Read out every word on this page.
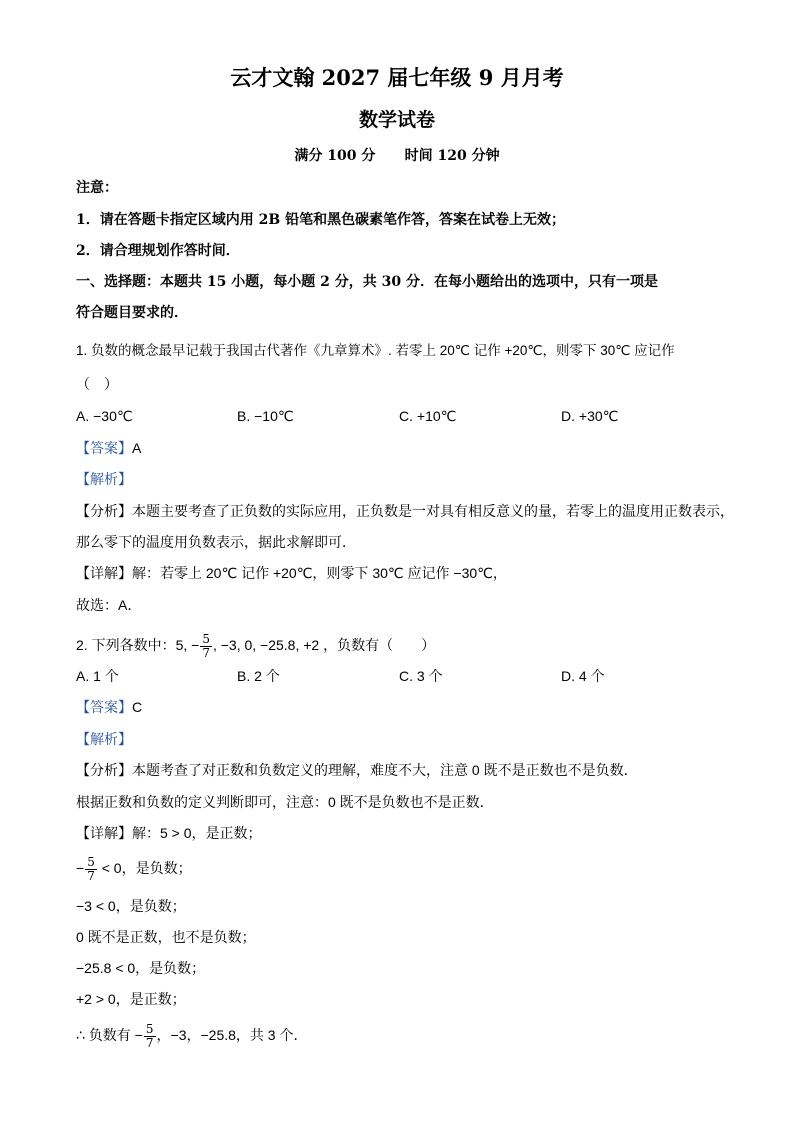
云才文翰 2027 届七年级 9 月月考
数学试卷
满分 100 分      时间 120 分钟
注意：
1．请在答题卡指定区域内用 2B 铅笔和黑色碳素笔作答，答案在试卷上无效；
2．请合理规划作答时间．
一、选择题：本题共 15 小题，每小题 2 分，共 30 分．在每小题给出的选项中，只有一项是
符合题目要求的．
1. 负数的概念最早记载于我国古代著作《九章算术》. 若零上 20℃ 记作 +20℃，则零下 30℃ 应记作
（　）
A. −30℃	B. −10℃	C. +10℃	D. +30℃
【答案】A
【解析】
【分析】本题主要考查了正负数的实际应用，正负数是一对具有相反意义的量，若零上的温度用正数表示，
那么零下的温度用负数表示，据此求解即可．
【详解】解：若零上 20℃ 记作 +20℃，则零下 30℃ 应记作 −30℃，
故选：A．
2. 下列各数中：5, − $\frac{5}{7}$ , −3, 0, −25.8, +2 ，负数有（　　）
A. 1 个	B. 2 个	C. 3 个	D. 4 个
【答案】C
【解析】
【分析】本题考查了对正数和负数定义的理解，难度不大，注意 0 既不是正数也不是负数．
根据正数和负数的定义判断即可，注意：0 既不是负数也不是正数．
【详解】解：5 > 0，是正数；
− $\frac{5}{7} < 0$，是负数；
−3 < 0，是负数；
0 既不是正数，也不是负数；
−25.8 < 0，是负数；
+2 > 0，是正数；
∴ 负数有 − $\frac{5}{7}$ ，−3，−25.8，共 3 个．
